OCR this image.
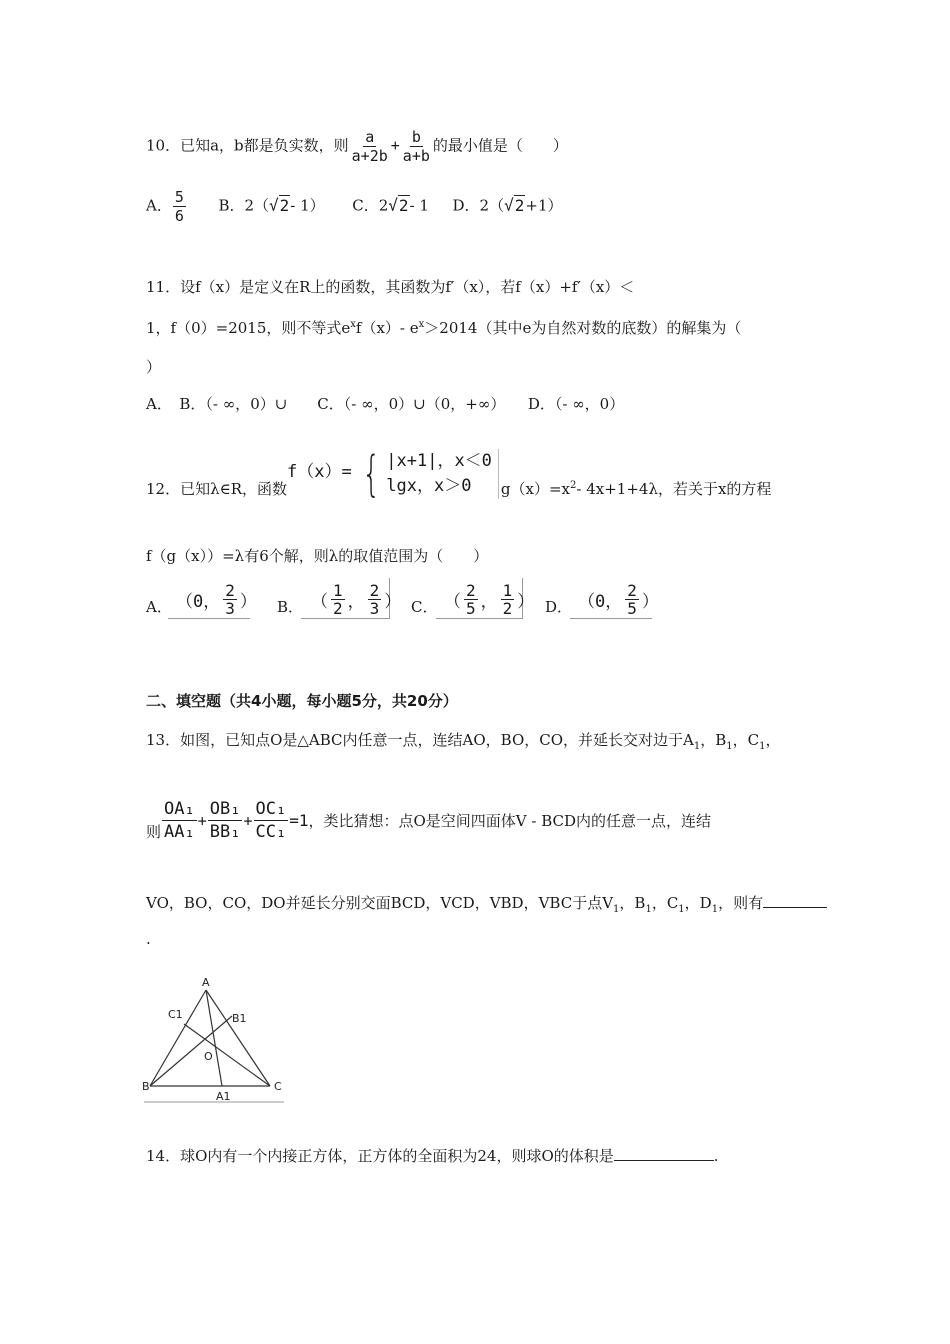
10．已知a，b都是负实数，则 $\frac{a}{a+2b} + \frac{b}{a+b}$ 的最小值是（　　）
A． $\frac{5}{6}$ B．2（√2- 1） C．2√2- 1 D．2（√2+1）
11．设f（x）是定义在R上的函数，其函数为f′（x），若f（x）+f′（x）＜
1，f（0）=2015，则不等式$e^xf(x)-$ $e^x>2014$（其中e为自然对数的底数）的解集为（
）
A．　B．（- ∞，0）∪　　C．（- ∞，0）∪（0，+∞）　　D．（- ∞，0）
12．已知λ∈R，函数
f（x）= { |x+1|，x＜0
lgx，x＞0	$g(x)=x^2-$ 4x+1+4λ，若关于x的方程
f（g（x））=λ有6个解，则λ的取值范围为（　　）
A． （0， $\frac{2}{3}$ ） B． （ $\frac{1}{2}$ ， $\frac{2}{3}$ ） C． （ $\frac{2}{5}$ ， $\frac{1}{2}$ ） D． （0， $\frac{2}{5}$ ）
二、填空题（共4小题，每小题5分，共20分）
13．如图，已知点O是△ABC内任意一点，连结AO，BO，CO，并延长交对边于$A_1$，$B_1$，$C_1$，
则 $\frac{\text{OA₁}}{\text{AA₁}} + \frac{\text{OB₁}}{\text{BB₁}} + \frac{\text{OC₁}}{\text{CC₁}} =1$ ，类比猜想：点O是空间四面体V - BCD内的任意一点，连结
VO，BO，CO，DO并延长分别交面BCD，VCD，VBD，VBC于点$V_1$，$B_1$，$C_1$，$D_1$，则有
.
A
C1	B1
O
B	C
A1
14．球O内有一个内接正方体，正方体的全面积为24，则球O的体积是	.
